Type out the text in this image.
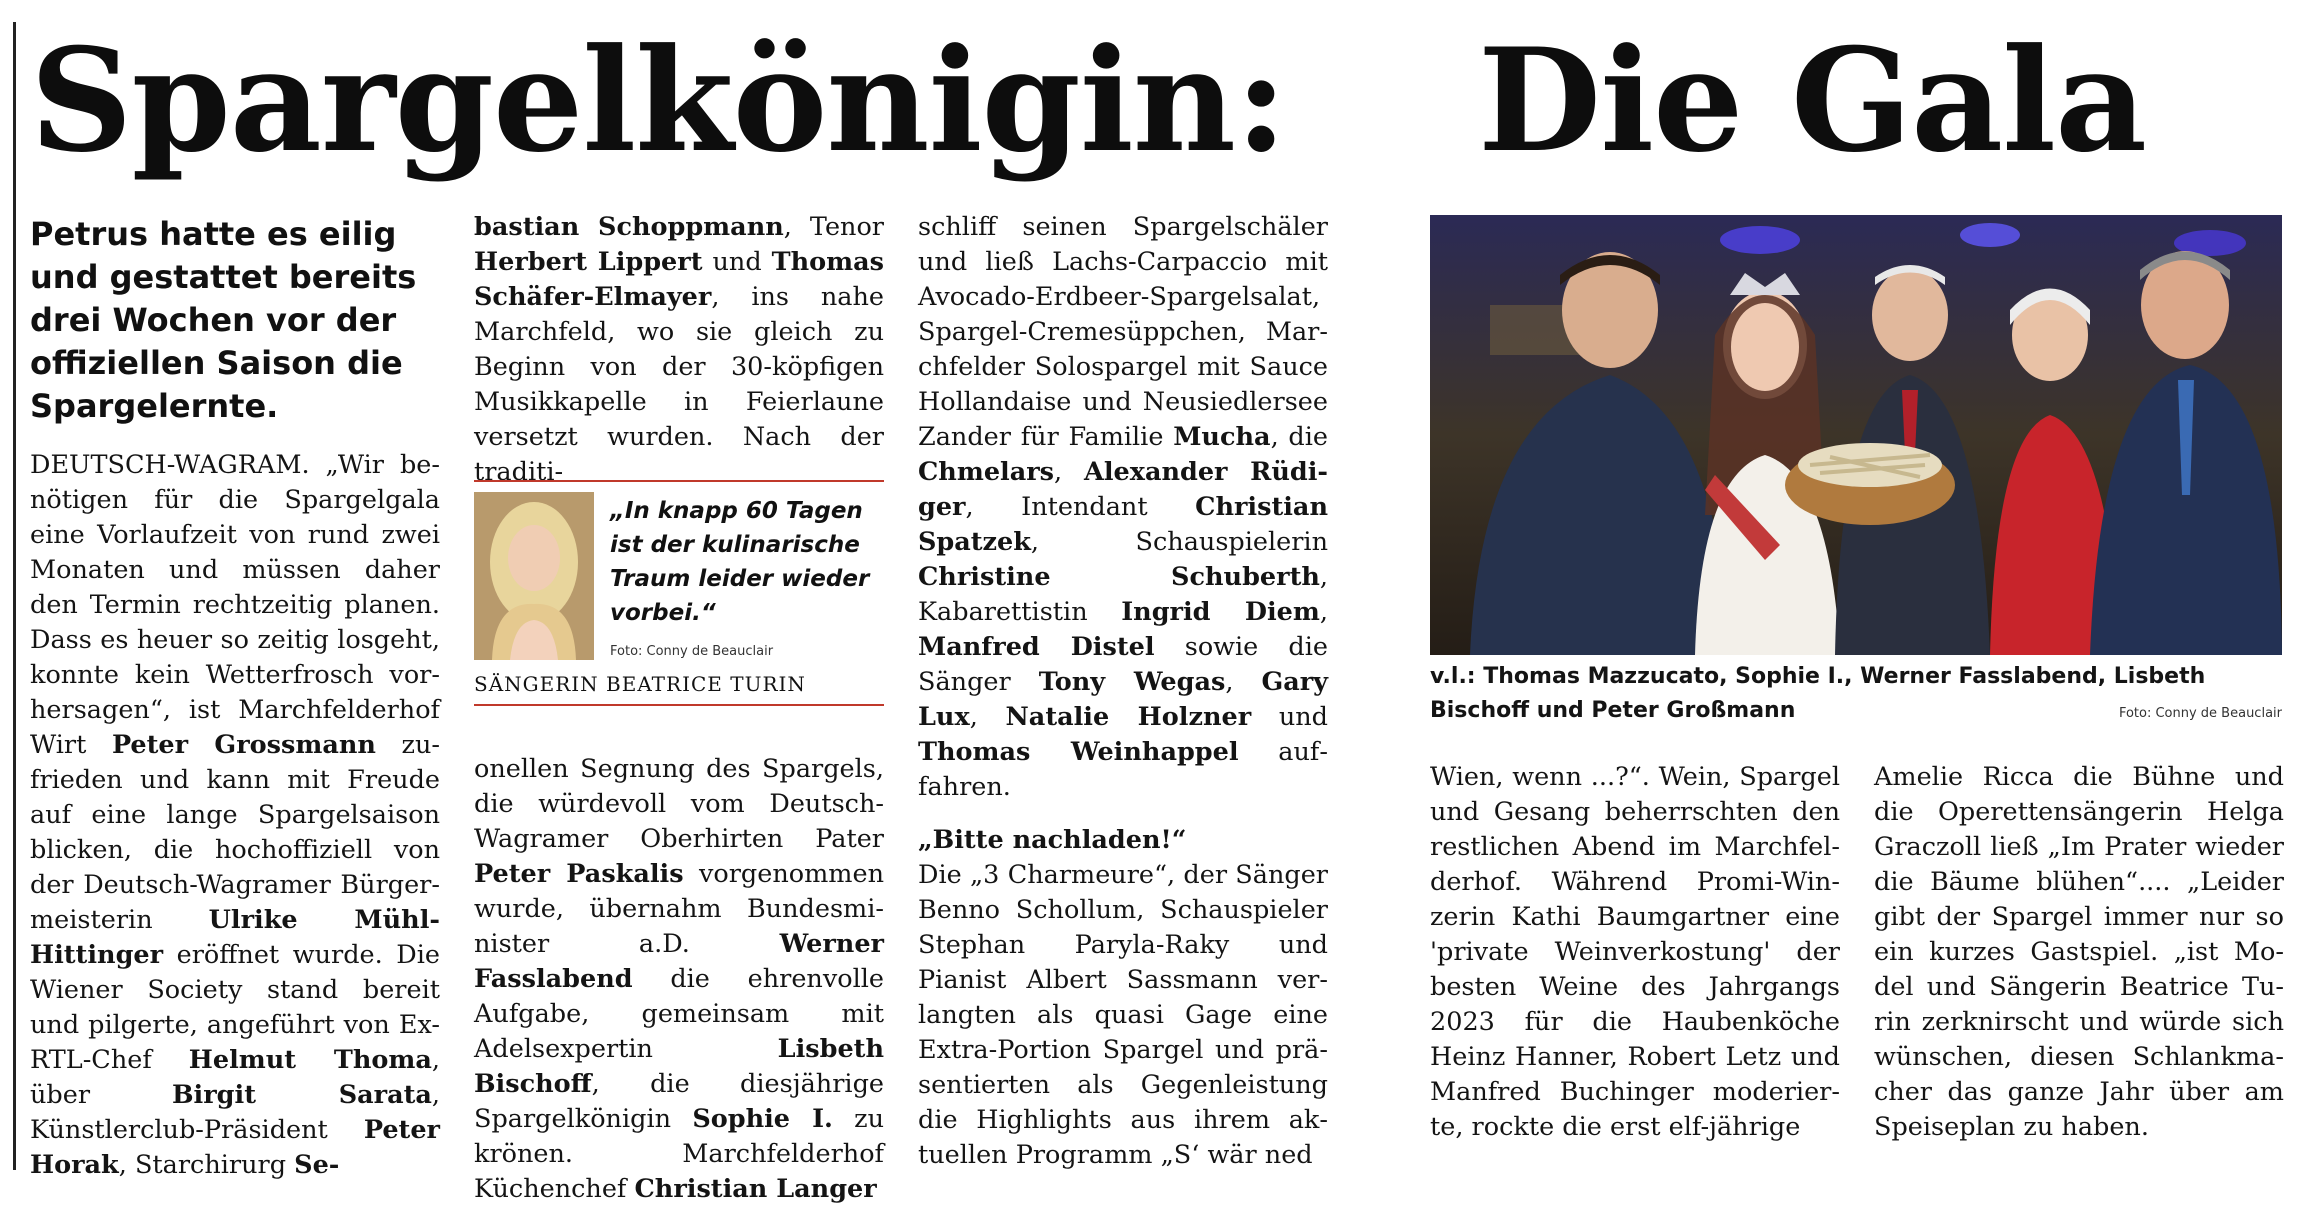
Spargelkönigin: Die Gala

Petrus hatte es eilig und gestattet bereits drei Wochen vor der offiziellen Saison die Spargelernte.

DEUTSCH-WAGRAM. „Wir benötigen für die Spargelgala eine Vorlaufzeit von rund zwei Monaten und müssen daher den Termin rechtzeitig planen. Dass es heuer so zeitig losgeht, konnte kein Wetterfrosch vorhersagen“, ist Marchfelderhof Wirt Peter Grossmann zufrieden und kann mit Freude auf eine lange Spargelsaison blicken, die hochoffiziell von der Deutsch-Wagramer Bürgermeisterin Ulrike Mühl-Hittinger eröffnet wurde. Die Wiener Society stand bereit und pilgerte, angeführt von Ex-RTL-Chef Helmut Thoma, über	Birgit Sarata, Künstlerclub-Präsident Peter Horak, Starchirurg Se-

bastian Schoppmann, Tenor Herbert Lippert und Thomas Schäfer-Elmayer, ins nahe Marchfeld, wo sie gleich zu Beginn von der 30-köpfigen Musikkapelle in Feierlaune versetzt wurden. Nach der traditi-

onellen Segnung des Spargels, die würdevoll vom Deutsch-Wagramer Oberhirten Pater Peter Paskalis vorgenommen wurde, übernahm Bundesminister a.D.	Werner Fasslabend die ehrenvolle Aufgabe, gemeinsam mit Adelsexpertin	Lisbeth Bischoff, die diesjährige Spargelkönigin Sophie I. zu krönen. Marchfelderhof Küchenchef Christian Langer

„In knapp 60 Tagen ist der kulinarische Traum leider wieder vorbei.“
Foto: Conny de Beauclair
SÄNGERIN BEATRICE TURIN

schliff seinen Spargelschäler und ließ Lachs-Carpaccio mit Avocado-Erdbeer-Spargelsalat, Spargel-Cremesüppchen, Marchfelder Solospargel mit Sauce Hollandaise und Neusiedlersee Zander für Familie Mucha, die Chmelars, Alexander Rüdiger, Intendant Christian Spatzek, Schauspielerin Christine Schuberth, Kabarettistin Ingrid Diem, Manfred Distel sowie die Sänger Tony Wegas, Gary Lux, Natalie Holzner und Thomas Weinhappel auffahren.

„Bitte nachladen!“

Die „3 Charmeure“, der Sänger Benno Schollum, Schauspieler Stephan Paryla-Raky und Pianist Albert Sassmann verlangten als quasi Gage eine Extra-Portion Spargel und präsentierten als Gegenleistung die Highlights aus ihrem aktuellen Programm „S‘ wär ned

v.l.: Thomas Mazzucato, Sophie I., Werner Fasslabend, Lisbeth Bischoff und Peter Großmann	Foto: Conny de Beauclair

Wien, wenn ...?“. Wein, Spargel und Gesang beherrschten den restlichen Abend im Marchfelderhof. Während Promi-Winzerin Kathi Baumgartner eine 'private Weinverkostung' der besten Weine des Jahrgangs 2023 für die Haubenköche Heinz Hanner, Robert Letz und Manfred Buchinger moderierte, rockte die erst elf-jährige

Amelie Ricca die Bühne und die Operettensängerin Helga Graczoll ließ „Im Prater wieder die Bäume blühen“.... „Leider gibt der Spargel immer nur so ein kurzes Gastspiel. „ist Model und Sängerin Beatrice Turin zerknirscht und würde sich wünschen, diesen Schlankmacher das ganze Jahr über am Speiseplan zu haben.
